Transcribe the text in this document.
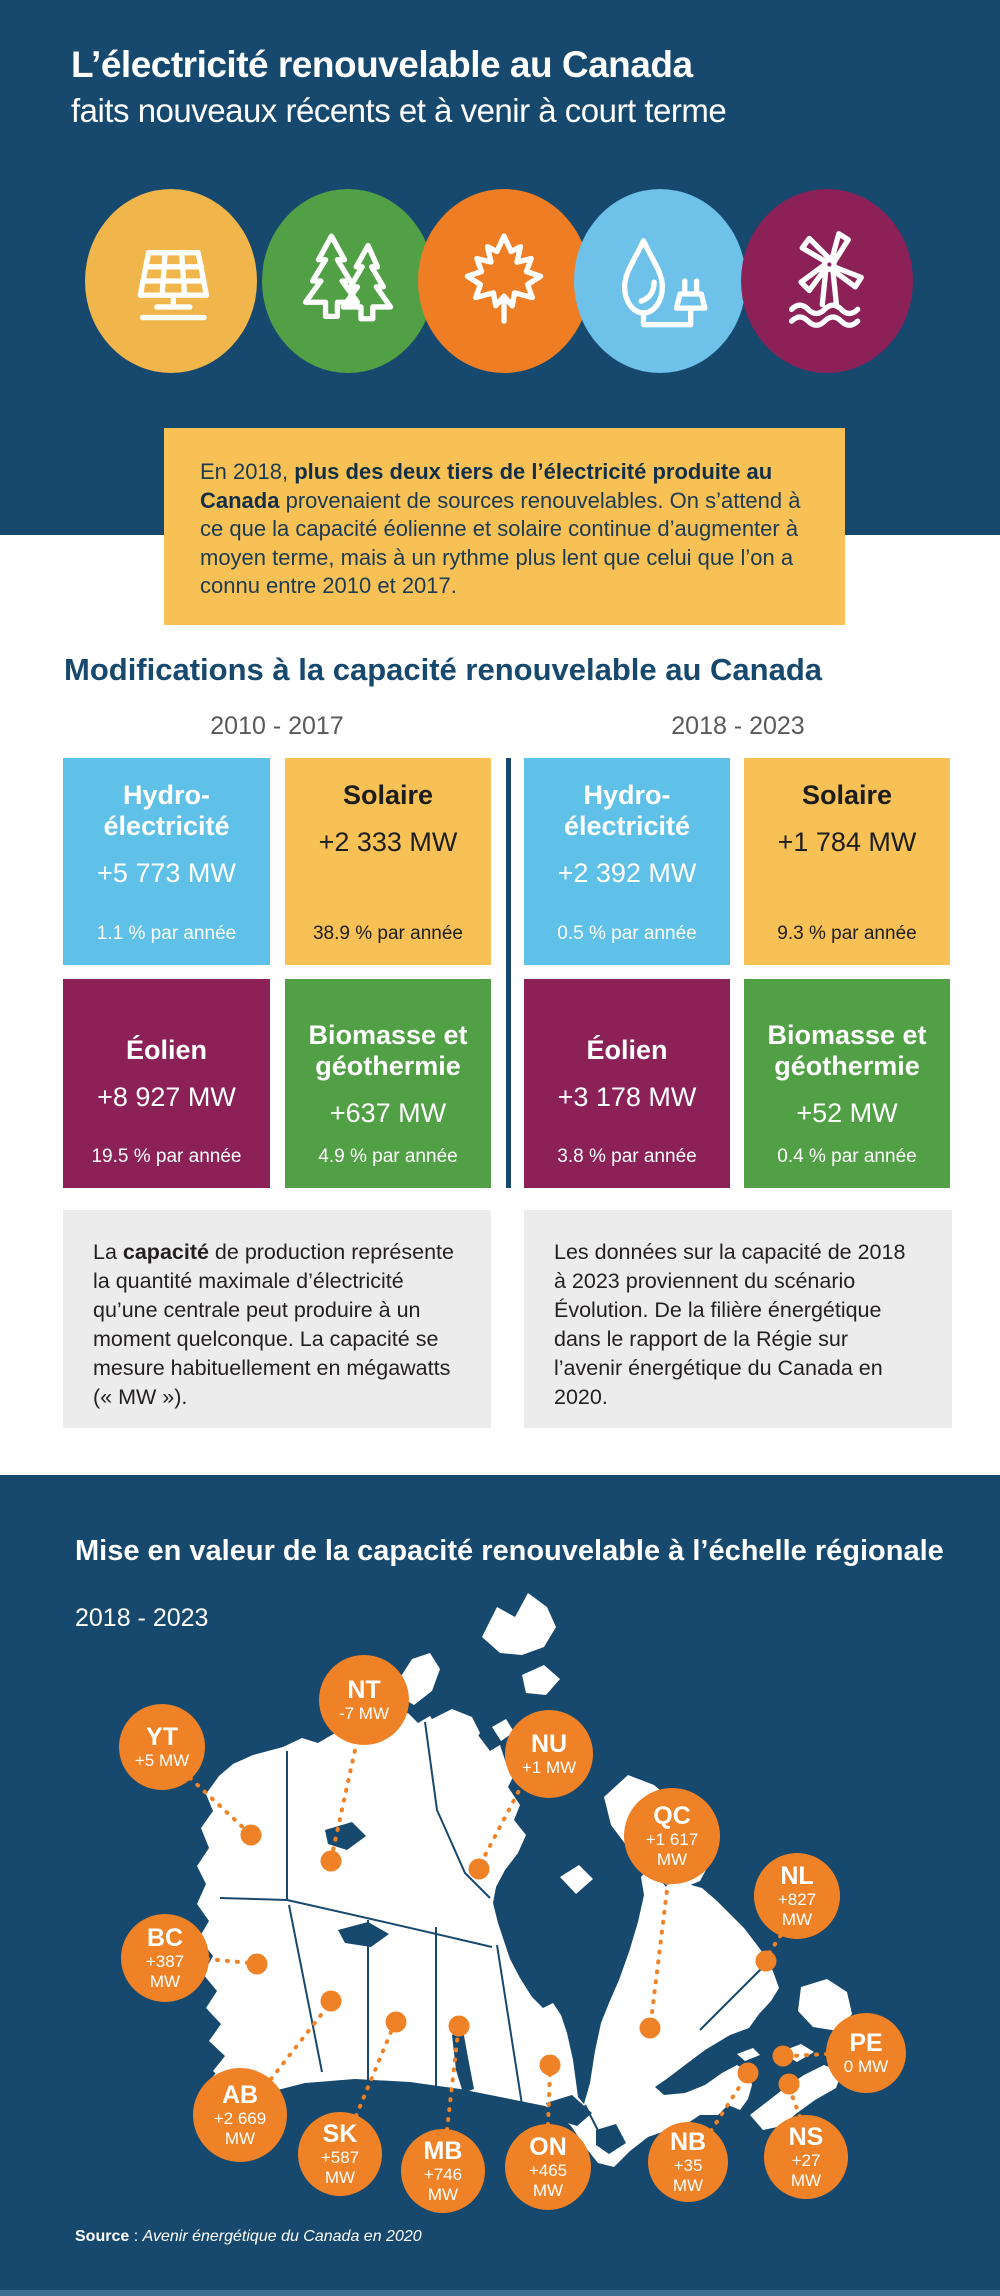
L’électricité renouvelable au Canada
faits nouveaux récents et à venir à court terme
En 2018, plus des deux tiers de l’électricité produite au Canada provenaient de sources renouvelables. On s’attend à ce que la capacité éolienne et solaire continue d’augmenter à moyen terme, mais à un rythme plus lent que celui que l’on a connu entre 2010 et 2017.
Modifications à la capacité renouvelable au Canada
2010 - 2017	2018 - 2023
Hydro-électricité
+5 773 MW
1.1 % par année
Solaire
+2 333 MW
38.9 % par année
Hydro-électricité
+2 392 MW
0.5 % par année
Solaire
+1 784 MW
9.3 % par année
Éolien
+8 927 MW
19.5 % par année
Biomasse et géothermie
+637 MW
4.9 % par année
Éolien
+3 178 MW
3.8 % par année
Biomasse et géothermie
+52 MW
0.4 % par année
La capacité de production représente la quantité maximale d’électricité qu’une centrale peut produire à un moment quelconque. La capacité se mesure habituellement en mégawatts (« MW »).
Les données sur la capacité de 2018 à 2023 proviennent du scénario Évolution. De la filière énergétique dans le rapport de la Régie sur l’avenir énergétique du Canada en 2020.
Mise en valeur de la capacité renouvelable à l’échelle régionale
2018 - 2023
YT
+5 MW
NT
-7 MW
NU
+1 MW
QC
+1 617
MW
NL
+827
MW
BC
+387
MW
AB
+2 669
MW	SK
+587
MW
MB
+746
MW
ON
+465
MW
NB
+35
MW
NS
+27
MW
PE
0 MW
Source : Avenir énergétique du Canada en 2020
